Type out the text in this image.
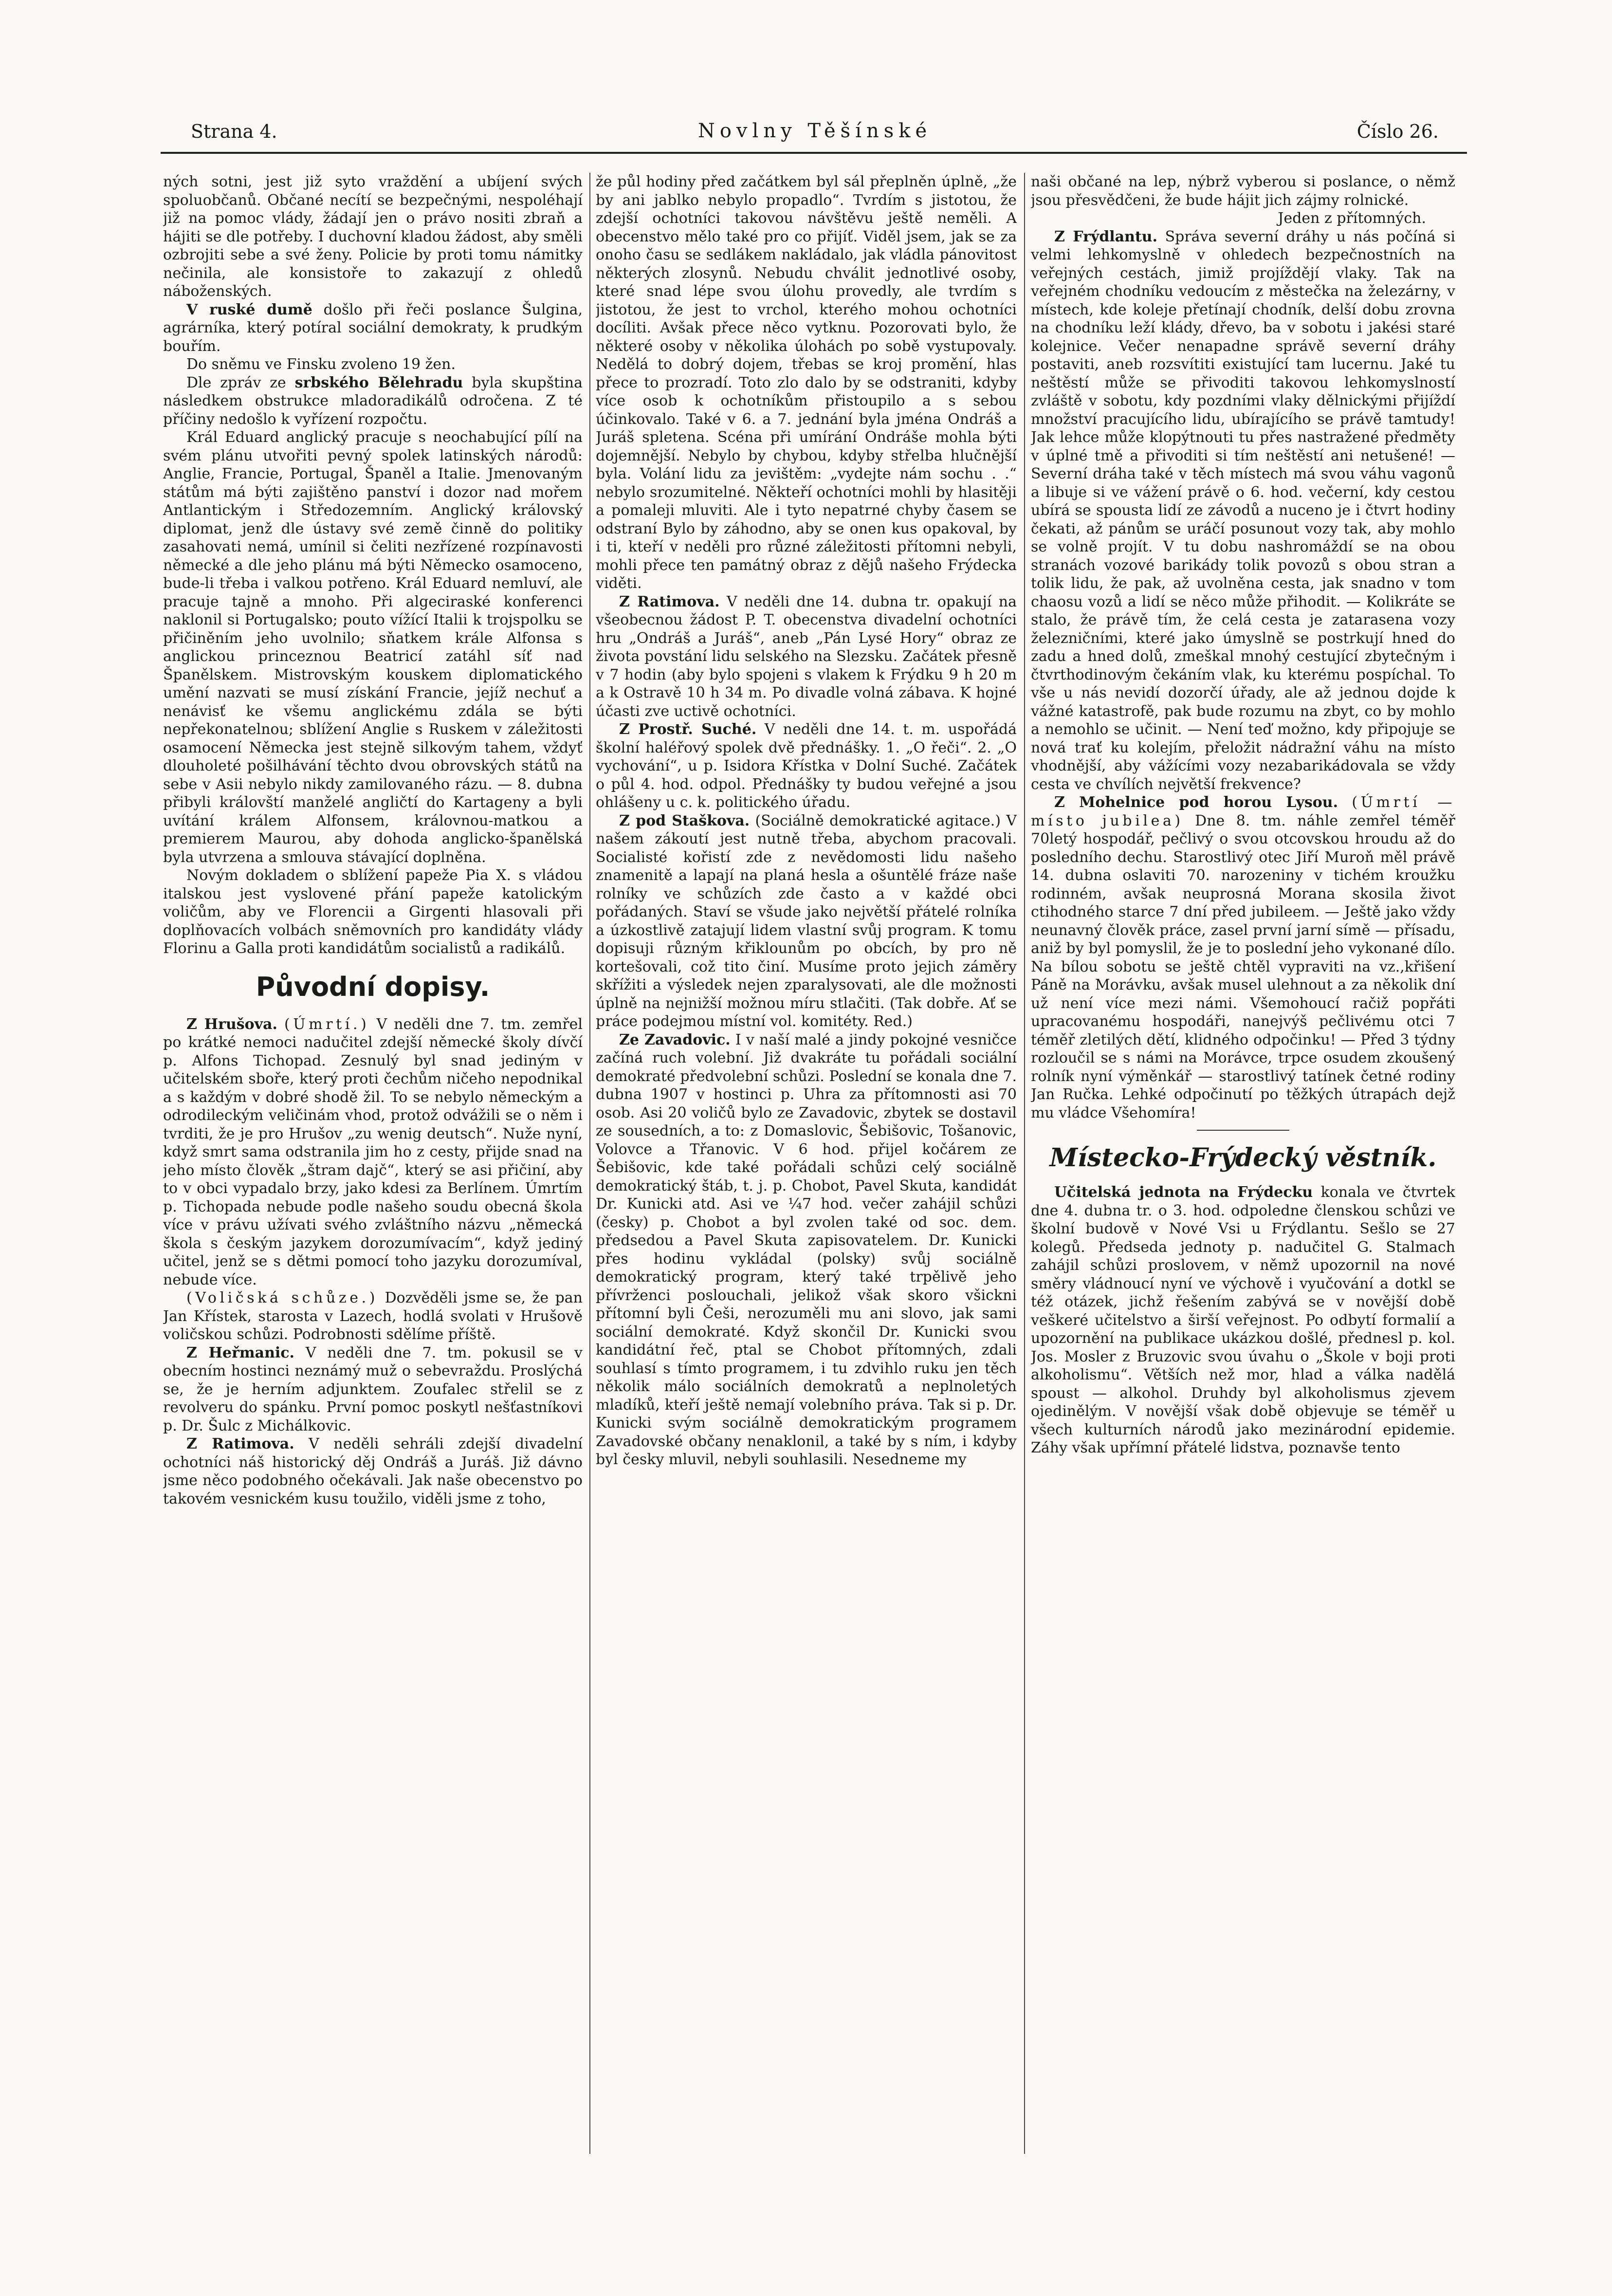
Strana 4.	Novlny Těšínské	Číslo 26.

ných sotni, jest již syto vraždění a ubíjení svých spoluobčanů. Občané necítí se bezpečnými, nespoléhají již na pomoc vlády, žádají jen o právo nositi zbraň a hájiti se dle potřeby. I duchovní kladou žádost, aby směli ozbrojiti sebe a své ženy. Policie by proti tomu námitky nečinila, ale konsistoře to zakazují z ohledů náboženských.

V ruské dumě došlo při řeči poslance Šulgina, agrárníka, který potíral sociální demokraty, k prudkým bouřím.

Do sněmu ve Finsku zvoleno 19 žen.

Dle zpráv ze srbského Bělehradu byla skupština následkem obstrukce mladoradikálů odročena. Z té příčiny nedošlo k vyřízení rozpočtu.

Král Eduard anglický pracuje s neochabující pílí na svém plánu utvořiti pevný spolek latinských národů: Anglie, Francie, Portugal, Španěl a Italie. Jmenovaným státům má býti zajištěno panství i dozor nad mořem Antlantickým i Středozemním. Anglický královský diplomat, jenž dle ústavy své země činně do politiky zasahovati nemá, umínil si čeliti nezřízené rozpínavosti německé a dle jeho plánu má býti Německo osamoceno, bude-li třeba i valkou potřeno. Král Eduard nemluví, ale pracuje tajně a mnoho. Při algeciraské konferenci naklonil si Portugalsko; pouto vížící Italii k trojspolku se přičiněním jeho uvolnilo; sňatkem krále Alfonsa s anglickou princeznou Beatricí zatáhl síť nad Španělskem. Mistrovským kouskem diplomatického umění nazvati se musí získání Francie, jejíž nechuť a nenávisť ke všemu anglickému zdála se býti nepřekonatelnou; sblížení Anglie s Ruskem v záležitosti osamocení Německa jest stejně silkovým tahem, vždyť dlouholeté pošilhávání těchto dvou obrovských států na sebe v Asii nebylo nikdy zamilovaného rázu. — 8. dubna přibyli královští manželé angličtí do Kartageny a byli uvítání králem Alfonsem, královnou-matkou a premierem Maurou, aby dohoda anglicko-španělská byla utvrzena a smlouva stávající doplněna.

Novým dokladem o sblížení papeže Pia X. s vládou italskou jest vyslovené přání papeže katolickým voličům, aby ve Florencii a Girgenti hlasovali při doplňovacích volbách sněmovních pro kandidáty vlády Florinu a Galla proti kandidátům socialistů a radikálů.

Původní dopisy.

Z Hrušova. (Úmrtí.) V neděli dne 7. tm. zemřel po krátké nemoci nadučitel zdejší německé školy dívčí p. Alfons Tichopad. Zesnulý byl snad jediným v učitelském sboře, který proti čechům ničeho nepodnikal a s každým v dobré shodě žil. To se nebylo německým a odrodileckým veličinám vhod, protož odvážili se o něm i tvrditi, že je pro Hrušov „zu wenig deutsch“. Nuže nyní, když smrt sama odstranila jim ho z cesty, přijde snad na jeho místo člověk „štram dajč“, který se asi přičiní, aby to v obci vypadalo brzy, jako kdesi za Berlínem. Úmrtím p. Tichopada nebude podle našeho soudu obecná škola více v právu užívati svého zvláštního názvu „německá škola s českým jazykem dorozumívacím“, když jediný učitel, jenž se s dětmi pomocí toho jazyku dorozumíval, nebude více.

(Voličská schůze.) Dozvěděli jsme se, že pan Jan Křístek, starosta v Lazech, hodlá svolati v Hrušově voličskou schůzi. Podrobnosti sdělíme příště.

Z Heřmanic. V neděli dne 7. tm. pokusil se v obecním hostinci neznámý muž o sebevraždu. Proslýchá se, že je herním adjunktem. Zoufalec střelil se z revolveru do spánku. První pomoc poskytl nešťastníkovi p. Dr. Šulc z Michálkovic.

Z Ratimova. V neděli sehráli zdejší divadelní ochotníci náš historický děj Ondráš a Juráš. Již dávno jsme něco podobného očekávali. Jak naše obecenstvo po takovém vesnickém kusu toužilo, viděli jsme z toho,

že půl hodiny před začátkem byl sál přeplněn úplně, „že by ani jablko nebylo propadlo“. Tvrdím s jistotou, že zdejší ochotníci takovou návštěvu ještě neměli. A obecenstvo mělo také pro co přijíť. Viděl jsem, jak se za onoho času se sedlákem nakládalo, jak vládla pánovitost některých zlosynů. Nebudu chválit jednotlivé osoby, které snad lépe svou úlohu provedly, ale tvrdím s jistotou, že jest to vrchol, kterého mohou ochotníci docíliti. Avšak přece něco vytknu. Pozorovati bylo, že některé osoby v několika úlohách po sobě vystupovaly. Nedělá to dobrý dojem, třebas se kroj promění, hlas přece to prozradí. Toto zlo dalo by se odstraniti, kdyby více osob k ochotníkům přistoupilo a s sebou účinkovalo. Také v 6. a 7. jednání byla jména Ondráš a Juráš spletena. Scéna při umírání Ondráše mohla býti dojemnější. Nebylo by chybou, kdyby střelba hlučnější byla. Volání lidu za jevištěm: „vydejte nám sochu . .“ nebylo srozumitelné. Někteří ochotníci mohli by hlasitěji a pomaleji mluviti. Ale i tyto nepatrné chyby časem se odstraní Bylo by záhodno, aby se onen kus opakoval, by i ti, kteří v neděli pro různé záležitosti přítomni nebyli, mohli přece ten památný obraz z dějů našeho Frýdecka viděti.

Z Ratimova. V neděli dne 14. dubna tr. opakují na všeobecnou žádost P. T. obecenstva divadelní ochotníci hru „Ondráš a Juráš“, aneb „Pán Lysé Hory“ obraz ze života povstání lidu selského na Slezsku. Začátek přesně v 7 hodin (aby bylo spojeni s vlakem k Frýdku 9 h 20 m a k Ostravě 10 h 34 m. Po divadle volná zábava. K hojné účasti zve uctivě ochotníci.

Z Prostř. Suché. V neděli dne 14. t. m. uspořádá školní haléřový spolek dvě přednášky. 1. „O řeči“. 2. „O vychování“, u p. Isidora Křístka v Dolní Suché. Začátek o půl 4. hod. odpol. Přednášky ty budou veřejné a jsou ohlášeny u c. k. politického úřadu.

Z pod Staškova. (Sociálně demokratické agitace.) V našem zákoutí jest nutně třeba, abychom pracovali. Socialisté kořistí zde z nevědomosti lidu našeho znamenitě a lapají na planá hesla a ošuntělé fráze naše rolníky ve schůzích zde často a v každé obci pořádaných. Staví se všude jako největší přátelé rolníka a úzkostlivě zatajují lidem vlastní svůj program. K tomu dopisuji různým křiklounům po obcích, by pro ně kortešovali, což tito činí. Musíme proto jejich záměry skřížiti a výsledek nejen zparalysovati, ale dle možnosti úplně na nejnižší možnou míru stlačiti. (Tak dobře. Ať se práce podejmou místní vol. komitéty. Red.)

Ze Zavadovic. I v naší malé a jindy pokojné vesničce začíná ruch volební. Již dvakráte tu pořádali sociální demokraté předvolební schůzi. Poslední se konala dne 7. dubna 1907 v hostinci p. Uhra za přítomnosti asi 70 osob. Asi 20 voličů bylo ze Zavadovic, zbytek se dostavil ze sousedních, a to: z Domaslovic, Šebišovic, Tošanovic, Volovce a Třanovic. V 6 hod. přijel kočárem ze Šebišovic, kde také pořádali schůzi celý sociálně demokratický štáb, t. j. p. Chobot, Pavel Skuta, kandidát Dr. Kunicki atd. Asi ve ¼7 hod. večer zahájil schůzi (česky) p. Chobot a byl zvolen také od soc. dem. předsedou a Pavel Skuta zapisovatelem. Dr. Kunicki přes hodinu vykládal (polsky) svůj sociálně demokratický program, který také trpělivě jeho přívrženci poslouchali, jelikož však skoro všickni přítomní byli Češi, nerozuměli mu ani slovo, jak sami sociální demokraté. Když skončil Dr. Kunicki svou kandidátní řeč, ptal se Chobot přítomných, zdali souhlasí s tímto programem, i tu zdvihlo ruku jen těch několik málo sociálních demokratů a neplnoletých mladíků, kteří ještě nemají volebního práva. Tak si p. Dr. Kunicki svým sociálně demokratickým programem Zavadovské občany nenaklonil, a také by s ním, i kdyby byl česky mluvil, nebyli souhlasili. Nesedneme my

naši občané na lep, nýbrž vyberou si poslance, o němž jsou přesvědčeni, že bude hájit jich zájmy rolnické.

Jeden z přítomných.

Z Frýdlantu. Správa severní dráhy u nás počíná si velmi lehkomyslně v ohledech bezpečnostních na veřejných cestách, jimiž projíždějí vlaky. Tak na veřejném chodníku vedoucím z městečka na železárny, v místech, kde koleje přetínají chodník, delší dobu zrovna na chodníku leží klády, dřevo, ba v sobotu i jakési staré kolejnice. Večer nenapadne správě severní dráhy postaviti, aneb rozsvítiti existující tam lucernu. Jaké tu neštěstí může se přivoditi takovou lehkomyslností zvláště v sobotu, kdy pozdními vlaky dělnickými přijíždí množství pracujícího lidu, ubírajícího se právě tamtudy! Jak lehce může klopýtnouti tu přes nastražené předměty v úplné tmě a přivoditi si tím neštěstí ani netušené! — Severní dráha také v těch místech má svou váhu vagonů a libuje si ve vážení právě o 6. hod. večerní, kdy cestou ubírá se spousta lidí ze závodů a nuceno je i čtvrt hodiny čekati, až pánům se uráčí posunout vozy tak, aby mohlo se volně projít. V tu dobu nashromáždí se na obou stranách vozové barikády tolik povozů s obou stran a tolik lidu, že pak, až uvolněna cesta, jak snadno v tom chaosu vozů a lidí se něco může přihodit. — Kolikráte se stalo, že právě tím, že celá cesta je zatarasena vozy železničními, které jako úmyslně se postrkují hned do zadu a hned dolů, zmeškal mnohý cestující zbytečným i čtvrthodinovým čekáním vlak, ku kterému pospíchal. To vše u nás nevidí dozorčí úřady, ale až jednou dojde k vážné katastrofě, pak bude rozumu na zbyt, co by mohlo a nemohlo se učinit. — Není teď možno, kdy připojuje se nová trať ku kolejím, přeložit nádražní váhu na místo vhodnější, aby vážícími vozy nezabarikádovala se vždy cesta ve chvílích největší frekvence?

Z Mohelnice pod horou Lysou. (Úmrtí — místo jubilea) Dne 8. tm. náhle zemřel téměř 70letý hospodář, pečlivý o svou otcovskou hroudu až do posledního dechu. Starostlivý otec Jiří Muroň měl právě 14. dubna oslaviti 70. narozeniny v tichém kroužku rodinném, avšak neuprosná Morana skosila život ctihodného starce 7 dní před jubileem. — Ještě jako vždy neunavný člověk práce, zasel první jarní símě — přísadu, aniž by byl pomyslil, že je to poslední jeho vykonané dílo. Na bílou sobotu se ještě chtěl vypraviti na vz.,křišení Páně na Morávku, avšak musel ulehnout a za několik dní už není více mezi námi. Všemohoucí račiž popřáti upracovanému hospodáři, nanejvýš pečlivému otci 7 téměř zletilých dětí, klidného odpočinku! — Před 3 týdny rozloučil se s námi na Morávce, trpce osudem zkoušený rolník nyní výměnkář — starostlivý tatínek četné rodiny Jan Ručka. Lehké odpočinutí po těžkých útrapách dejž mu vládce Všehomíra!

Místecko-Frýdecký věstník.

Učitelská jednota na Frýdecku konala ve čtvrtek dne 4. dubna tr. o 3. hod. odpoledne členskou schůzi ve školní budově v Nové Vsi u Frýdlantu. Sešlo se 27 kolegů. Předseda jednoty p. nadučitel G. Stalmach zahájil schůzi proslovem, v němž upozornil na nové směry vládnoucí nyní ve výchově i vyučování a dotkl se též otázek, jichž řešením zabývá se v novější době veškeré učitelstvo a širší veřejnost. Po odbytí formalií a upozornění na publikace ukázkou došlé, přednesl p. kol. Jos. Mosler z Bruzovic svou úvahu o „Škole v boji proti alkoholismu“. Větších než mor, hlad a válka nadělá spoust — alkohol. Druhdy byl alkoholismus zjevem ojedinělým. V novější však době objevuje se téměř u všech kulturních národů jako mezinárodní epidemie. Záhy však upřímní přátelé lidstva, poznavše tento
